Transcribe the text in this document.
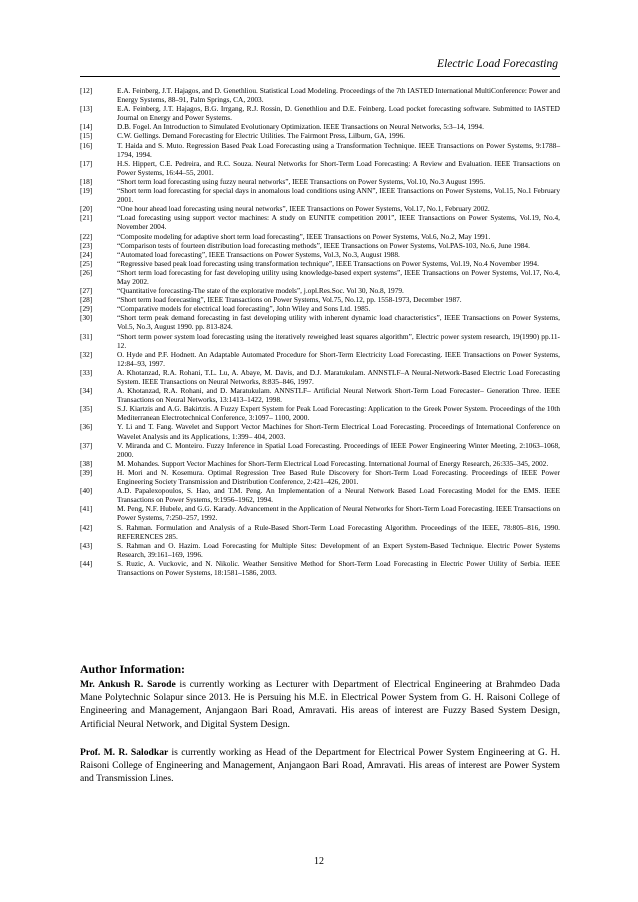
Electric Load Forecasting
[12]	E.A. Feinberg, J.T. Hajagos, and D. Genethliou. Statistical Load Modeling. Proceedings of the 7th IASTED International MultiConference: Power and Energy Systems, 88–91, Palm Springs, CA, 2003.
[13]	E.A. Feinberg, J.T. Hajagos, B.G. Irrgang, R.J. Rossin, D. Genethliou and D.E. Feinberg. Load pocket forecasting software. Submitted to IASTED Journal on Energy and Power Systems.
[14]	D.B. Fogel. An Introduction to Simulated Evolutionary Optimization. IEEE Transactions on Neural Networks, 5:3–14, 1994.
[15]	C.W. Gellings. Demand Forecasting for Electric Utilities. The Fairmont Press, Lilburn, GA, 1996.
[16]	T. Haida and S. Muto. Regression Based Peak Load Forecasting using a Transformation Technique. IEEE Transactions on Power Systems, 9:1788–1794, 1994.
[17]	H.S. Hippert, C.E. Pedreira, and R.C. Souza. Neural Networks for Short-Term Load Forecasting: A Review and Evaluation. IEEE Transactions on Power Systems, 16:44–55, 2001.
[18]	“Short term load forecasting using fuzzy neural networks”, IEEE Transactions on Power Systems, Vol.10, No.3 August 1995.
[19]	“Short term load forecasting for special days in anomalous load conditions using ANN”, IEEE Transactions on Power Systems, Vol.15, No.1 February 2001.
[20]	“One hour ahead load forecasting using neural networks”, IEEE Transactions on Power Systems, Vol.17, No.1, February 2002.
[21]	“Load forecasting using support vector machines: A study on EUNITE competition 2001”, IEEE Transactions on Power Systems, Vol.19, No.4, November 2004.
[22]	“Composite modeling for adaptive short term load forecasting”, IEEE Transactions on Power Systems, Vol.6, No.2, May 1991.
[23]	“Comparison tests of fourteen distribution load forecasting methods”, IEEE Transactions on Power Systems, Vol.PAS-103, No.6, June 1984.
[24]	“Automated load forecasting”, IEEE Transactions on Power Systems, Vol.3, No.3, August 1988.
[25]	“Regressive based peak load forecasting using transformation technique”, IEEE Transactions on Power Systems, Vol.19, No.4 November 1994.
[26]	“Short term load forecasting for fast developing utility using knowledge-based expert systems”, IEEE Transactions on Power Systems, Vol.17, No.4, May 2002.
[27]	“Quantitative forecasting-The state of the explorative models”, j.opl.Res.Soc. Vol 30, No.8, 1979.
[28]	“Short term load forecasting”, IEEE Transactions on Power Systems, Vol.75, No.12, pp. 1558-1973, December 1987.
[29]	“Comparative models for electrical load forecasting”, John Wiley and Sons Ltd. 1985.
[30]	“Short term peak demand forecasting in fast developing utility with inherent dynamic load characteristics”, IEEE Transactions on Power Systems, Vol.5, No.3, August 1990. pp. 813-824.
[31]	“Short term power system load forecasting using the iteratively reweighed least squares algorithm”, Electric power system research, 19(1990) pp.11-12.
[32]	O. Hyde and P.F. Hodnett. An Adaptable Automated Procedure for Short-Term Electricity Load Forecasting. IEEE Transactions on Power Systems, 12:84–93, 1997.
[33]	A. Khotanzad, R.A. Rohani, T.L. Lu, A. Abaye, M. Davis, and D.J. Maratukulam. ANNSTLF–A Neural-Network-Based Electric Load Forecasting System. IEEE Transactions on Neural Networks, 8:835–846, 1997.
[34]	A. Khotanzad, R.A. Rohani, and D. Maratukulam. ANNSTLF– Artificial Neural Network Short-Term Load Forecaster– Generation Three. IEEE Transactions on Neural Networks, 13:1413–1422, 1998.
[35]	S.J. Kiartzis and A.G. Bakirtzis. A Fuzzy Expert System for Peak Load Forecasting: Application to the Greek Power System. Proceedings of the 10th Mediterranean Electrotechnical Conference, 3:1097– 1100, 2000.
[36]	Y. Li and T. Fang. Wavelet and Support Vector Machines for Short-Term Electrical Load Forecasting. Proceedings of International Conference on Wavelet Analysis and its Applications, 1:399– 404, 2003.
[37]	V. Miranda and C. Monteiro. Fuzzy Inference in Spatial Load Forecasting. Proceedings of IEEE Power Engineering Winter Meeting, 2:1063–1068, 2000.
[38]	M. Mohandes. Support Vector Machines for Short-Term Electrical Load Forecasting. International Journal of Energy Research, 26:335–345, 2002.
[39]	H. Mori and N. Kosemura. Optimal Regression Tree Based Rule Discovery for Short-Term Load Forecasting. Proceedings of IEEE Power Engineering Society Transmission and Distribution Conference, 2:421–426, 2001.
[40]	A.D. Papalexopoulos, S. Hao, and T.M. Peng. An Implementation of a Neural Network Based Load Forecasting Model for the EMS. IEEE Transactions on Power Systems, 9:1956–1962, 1994.
[41]	M. Peng, N.F. Hubele, and G.G. Karady. Advancement in the Application of Neural Networks for Short-Term Load Forecasting. IEEE Transactions on Power Systems, 7:250–257, 1992.
[42]	S. Rahman. Formulation and Analysis of a Rule-Based Short-Term Load Forecasting Algorithm. Proceedings of the IEEE, 78:805–816, 1990. REFERENCES 285.
[43]	S. Rahman and O. Hazim. Load Forecasting for Multiple Sites: Development of an Expert System-Based Technique. Electric Power Systems Research, 39:161–169, 1996.
[44]	S. Ruzic, A. Vuckovic, and N. Nikolic. Weather Sensitive Method for Short-Term Load Forecasting in Electric Power Utility of Serbia. IEEE Transactions on Power Systems, 18:1581–1586, 2003.
Author Information:
Mr. Ankush R. Sarode is currently working as Lecturer with Department of Electrical Engineering at Brahmdeo Dada Mane Polytechnic Solapur since 2013. He is Persuing his M.E. in Electrical Power System from G. H. Raisoni College of Engineering and Management, Anjangaon Bari Road, Amravati. His areas of interest are Fuzzy Based System Design, Artificial Neural Network, and Digital System Design.
Prof. M. R. Salodkar is currently working as Head of the Department for Electrical Power System Engineering at G. H. Raisoni College of Engineering and Management, Anjangaon Bari Road, Amravati. His areas of interest are Power System and Transmission Lines.
12
